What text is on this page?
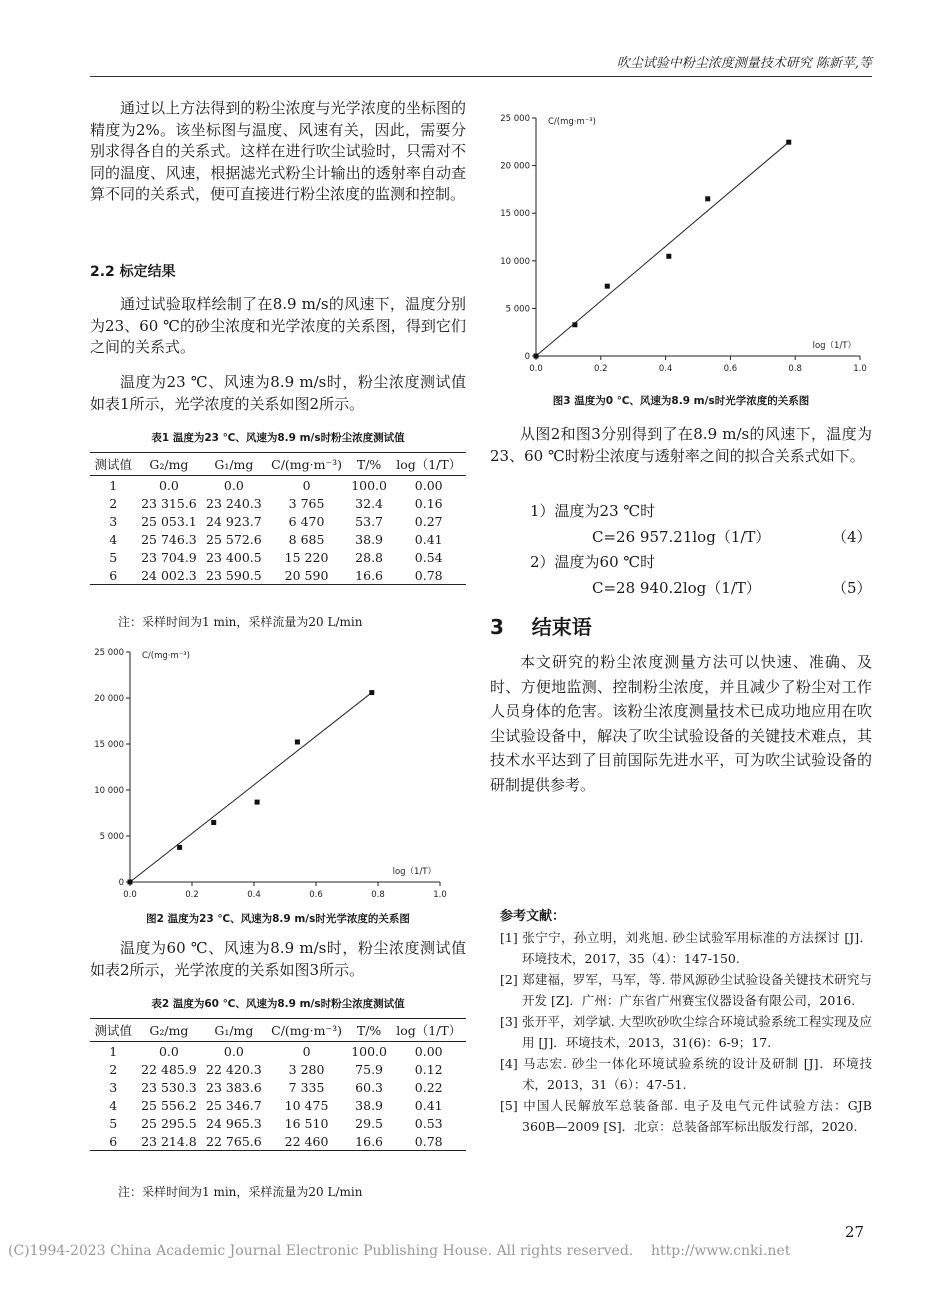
吹尘试验中粉尘浓度测量技术研究 陈新苹,等

通过以上方法得到的粉尘浓度与光学浓度的坐标图的精度为2%。该坐标图与温度、风速有关，因此，需要分别求得各自的关系式。这样在进行吹尘试验时，只需对不同的温度、风速，根据滤光式粉尘计输出的透射率自动查算不同的关系式，便可直接进行粉尘浓度的监测和控制。

2.2 标定结果

通过试验取样绘制了在8.9 m/s的风速下，温度分别为23、60 ℃的砂尘浓度和光学浓度的关系图，得到它们之间的关系式。

温度为23 ℃、风速为8.9 m/s时，粉尘浓度测试值如表1所示，光学浓度的关系如图2所示。

表1 温度为23 ℃、风速为8.9 m/s时粉尘浓度测试值
测试值	G₂/mg	G₁/mg	C/(mg·m⁻³)	T/%	log（1/T）
1	0.0	0.0	0	100.0	0.00
2	23 315.6	23 240.3	3 765	32.4	0.16
3	25 053.1	24 923.7	6 470	53.7	0.27
4	25 746.3	25 572.6	8 685	38.9	0.41
5	23 704.9	23 400.5	15 220	28.8	0.54
6	24 002.3	23 590.5	20 590	16.6	0.78
注：采样时间为1 min，采样流量为20 L/min
0.0	0.2	0.4	0.6	0.8	1.0
0
5 000
10 000
15 000
20 000
25 000 C/(mg·m⁻³)
log（1/T）
图2 温度为23 ℃、风速为8.9 m/s时光学浓度的关系图

温度为60 ℃、风速为8.9 m/s时，粉尘浓度测试值如表2所示，光学浓度的关系如图3所示。

表2 温度为60 ℃、风速为8.9 m/s时粉尘浓度测试值
测试值	G₂/mg	G₁/mg	C/(mg·m⁻³)	T/%	log（1/T）
1	0.0	0.0	0	100.0	0.00
2	22 485.9	22 420.3	3 280	75.9	0.12
3	23 530.3	23 383.6	7 335	60.3	0.22
4	25 556.2	25 346.7	10 475	38.9	0.41
5	25 295.5	24 965.3	16 510	29.5	0.53
6	23 214.8	22 765.6	22 460	16.6	0.78
注：采样时间为1 min，采样流量为20 L/min
0.0	0.2	0.4	0.6	0.8	1.0
0
5 000
10 000
15 000
20 000
25 000 C/(mg·m⁻³)
log（1/T）
图3 温度为0 ℃、风速为8.9 m/s时光学浓度的关系图

从图2和图3分别得到了在8.9 m/s的风速下，温度为23、60 ℃时粉尘浓度与透射率之间的拟合关系式如下。

1）温度为23 ℃时
C=26 957.21log（1/T）	（4）
2）温度为60 ℃时
C=28 940.2log（1/T）	（5）
3    结束语

本文研究的粉尘浓度测量方法可以快速、准确、及时、方便地监测、控制粉尘浓度，并且减少了粉尘对工作人员身体的危害。该粉尘浓度测量技术已成功地应用在吹尘试验设备中，解决了吹尘试验设备的关键技术难点，其技术水平达到了目前国际先进水平，可为吹尘试验设备的研制提供参考。

参考文献：
[1] 张宁宁，孙立明，刘兆旭. 砂尘试验军用标准的方法探讨 [J]．环境技术，2017，35（4）：147-150.
[2] 郑建福，罗军，马军，等. 带风源砂尘试验设备关键技术研究与开发 [Z]．广州：广东省广州赛宝仪器设备有限公司，2016.
[3] 张开平，刘学斌. 大型吹砂吹尘综合环境试验系统工程实现及应用 [J]．环境技术，2013，31(6)：6-9；17.
[4] 马志宏. 砂尘一体化环境试验系统的设计及研制 [J]．环境技术，2013，31（6）：47-51.
[5] 中国人民解放军总装备部. 电子及电气元件试验方法：GJB 360B—2009 [S]．北京：总装备部军标出版发行部，2020.
27
(C)1994-2023 China Academic Journal Electronic Publishing House. All rights reserved.    http://www.cnki.net
